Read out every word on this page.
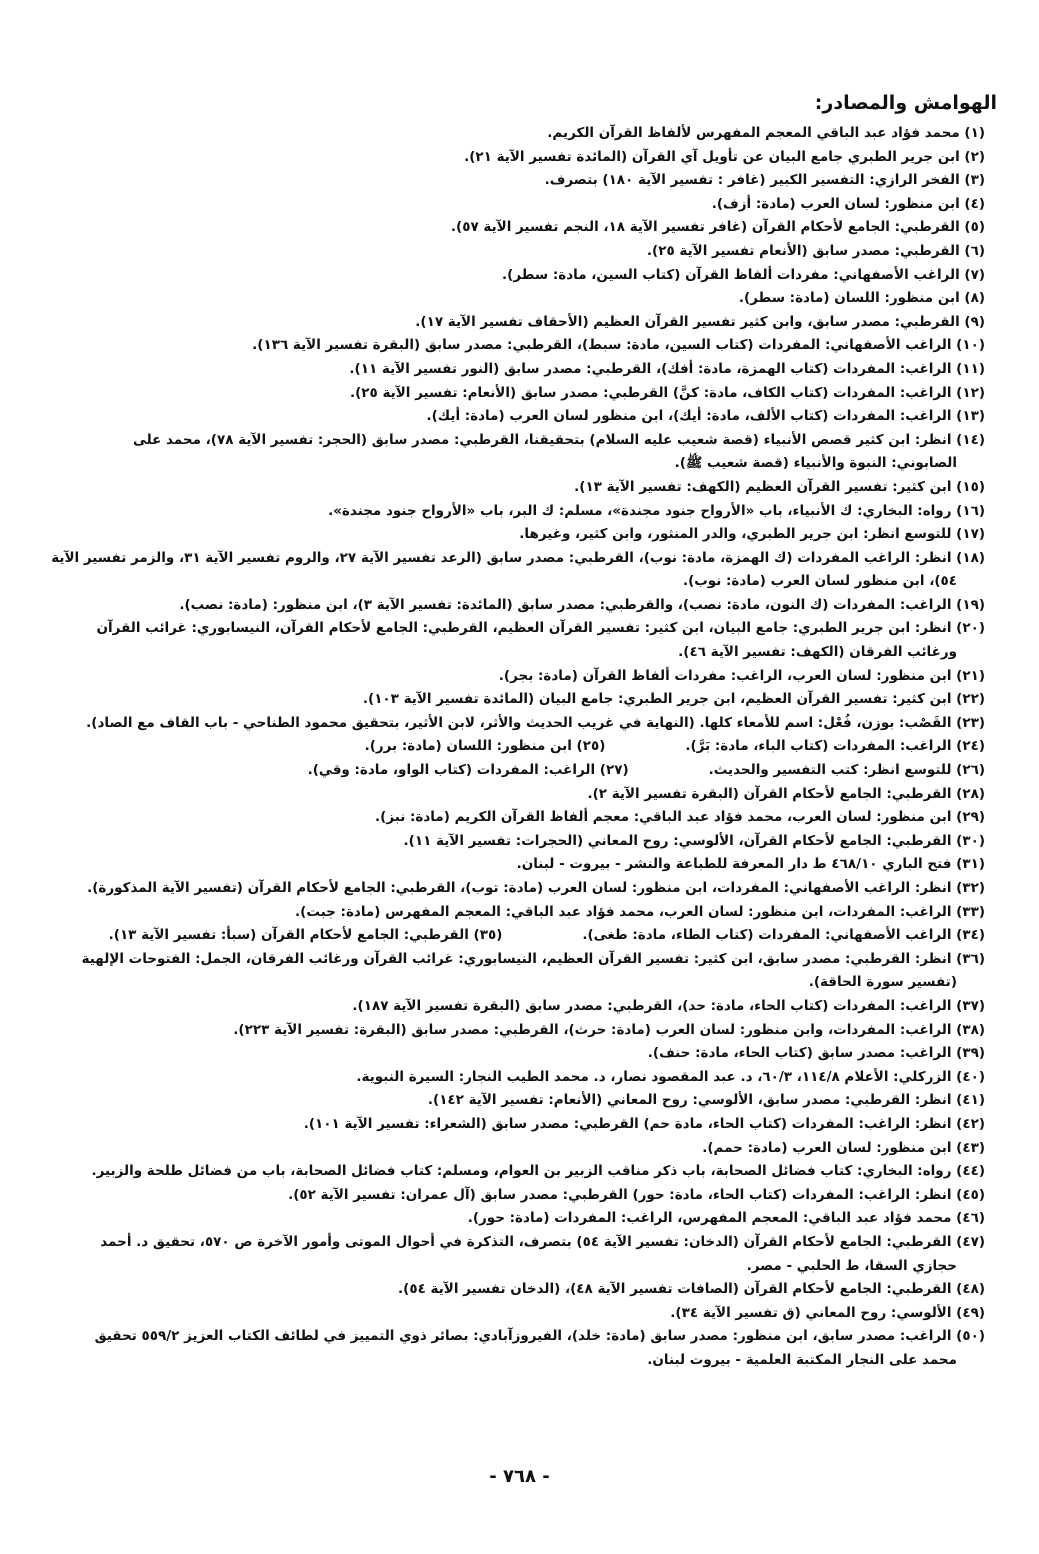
الهوامش والمصادر:
(١) محمد فؤاد عبد الباقي المعجم المفهرس لألفاظ القرآن الكريم.
(٢) ابن جرير الطبري جامع البيان عن تأويل آي القرآن (المائدة تفسير الآية ٢١).
(٣) الفخر الرازي: التفسير الكبير (غافر : تفسير الآية ١٨٠) بتصرف.
(٤) ابن منظور: لسان العرب (مادة: أزف).
(٥) القرطبي: الجامع لأحكام القرآن (غافر تفسير الآية ١٨، النجم تفسير الآية ٥٧).
(٦) القرطبي: مصدر سابق (الأنعام تفسير الآية ٢٥).
(٧) الراغب الأصفهاني: مفردات ألفاظ القرآن (كتاب السين، مادة: سطر).
(٨) ابن منظور: اللسان (مادة: سطر).
(٩) القرطبي: مصدر سابق، وابن كثير تفسير القرآن العظيم (الأحقاف تفسير الآية ١٧).
(١٠) الراغب الأصفهاني: المفردات (كتاب السين، مادة: سبط)، القرطبي: مصدر سابق (البقرة تفسير الآية ١٣٦).
(١١) الراغب: المفردات (كتاب الهمزة، مادة: أفك)، القرطبي: مصدر سابق (النور تفسير الآية ١١).
(١٢) الراغب: المفردات (كتاب الكاف، مادة: كنَّ) القرطبي: مصدر سابق (الأنعام: تفسير الآية ٢٥).
(١٣) الراغب: المفردات (كتاب الألف، مادة: أيك)، ابن منظور لسان العرب (مادة: أيك).
(١٤) انظر: ابن كثير قصص الأنبياء (قصة شعيب عليه السلام) بتحقيقنا، القرطبي: مصدر سابق (الحجر: تفسير الآية ٧٨)، محمد على
الصابوني: النبوة والأنبياء (قصة شعيب ﷺ).
(١٥) ابن كثير: تفسير القرآن العظيم (الكهف: تفسير الآية ١٣).
(١٦) رواه: البخاري: ك الأنبياء، باب «الأرواح جنود مجندة»، مسلم: ك البر، باب «الأرواح جنود مجندة».
(١٧) للتوسع انظر: ابن جرير الطبري، والدر المنثور، وابن كثير، وغيرها.
(١٨) انظر: الراغب المفردات (ك الهمزة، مادة: نوب)، القرطبي: مصدر سابق (الرعد تفسير الآية ٢٧، والروم تفسير الآية ٣١، والزمر تفسير الآية
٥٤)، ابن منظور لسان العرب (مادة: نوب).
(١٩) الراغب: المفردات (ك النون، مادة: نصب)، والقرطبي: مصدر سابق (المائدة: تفسير الآية ٣)، ابن منظور: (مادة: نصب).
(٢٠) انظر: ابن جرير الطبري: جامع البيان، ابن كثير: تفسير القرآن العظيم، القرطبي: الجامع لأحكام القرآن، النيسابوري: غرائب القرآن
ورغائب الفرقان (الكهف: تفسير الآية ٤٦).
(٢١) ابن منظور: لسان العرب، الراغب: مفردات ألفاظ القرآن (مادة: بجر).
(٢٢) ابن كثير: تفسير القرآن العظيم، ابن جرير الطبري: جامع البيان (المائدة تفسير الآية ١٠٣).
(٢٣) القَصْب: بوزن، فُعْل: اسم للأمعاء كلها. (النهاية في غريب الحديث والأثر، لابن الأثير، بتحقيق محمود الطناحي - باب القاف مع الصاد).
(٢٤) الراغب: المفردات (كتاب الباء، مادة: بَرَّ).
(٢٥) ابن منظور: اللسان (مادة: برر).
(٢٦) للتوسع انظر: كتب التفسير والحديث.
(٢٧) الراغب: المفردات (كتاب الواو، مادة: وقي).
(٢٨) القرطبي: الجامع لأحكام القرآن (البقرة تفسير الآية ٢).
(٢٩) ابن منظور: لسان العرب، محمد فؤاد عبد الباقي: معجم ألفاظ القرآن الكريم (مادة: نبز).
(٣٠) القرطبي: الجامع لأحكام القرآن، الألوسي: روح المعاني (الحجرات: تفسير الآية ١١).
(٣١) فتح الباري ٤٦٨/١٠ ط دار المعرفة للطباعة والنشر - بيروت - لبنان.
(٣٢) انظر: الراغب الأصفهاني: المفردات، ابن منظور: لسان العرب (مادة: توب)، القرطبي: الجامع لأحكام القرآن (تفسير الآية المذكورة).
(٣٣) الراغب: المفردات، ابن منظور: لسان العرب، محمد فؤاد عبد الباقي: المعجم المفهرس (مادة: جبت).
(٣٤) الراغب الأصفهاني: المفردات (كتاب الطاء، مادة: طغى).
(٣٥) القرطبي: الجامع لأحكام القرآن (سبأ: تفسير الآية ١٣).
(٣٦) انظر: القرطبي: مصدر سابق، ابن كثير: تفسير القرآن العظيم، النيسابوري: غرائب القرآن ورغائب الفرقان، الجمل: الفتوحات الإلهية
(تفسير سورة الحاقة).
(٣٧) الراغب: المفردات (كتاب الحاء، مادة: حد)، القرطبي: مصدر سابق (البقرة تفسير الآية ١٨٧).
(٣٨) الراغب: المفردات، وابن منظور: لسان العرب (مادة: حرث)، القرطبي: مصدر سابق (البقرة: تفسير الآية ٢٢٣).
(٣٩) الراغب: مصدر سابق (كتاب الحاء، مادة: حنف).
(٤٠) الزركلي: الأعلام ١١٤/٨، ٦٠/٣، د. عبد المقصود نصار، د. محمد الطيب النجار: السيرة النبوية.
(٤١) انظر: القرطبي: مصدر سابق، الألوسي: روح المعاني (الأنعام: تفسير الآية ١٤٢).
(٤٢) انظر: الراغب: المفردات (كتاب الحاء، مادة حم) القرطبي: مصدر سابق (الشعراء: تفسير الآية ١٠١).
(٤٣) ابن منظور: لسان العرب (مادة: حمم).
(٤٤) رواه: البخاري: كتاب فضائل الصحابة، باب ذكر مناقب الزبير بن العوام، ومسلم: كتاب فضائل الصحابة، باب من فضائل طلحة والزبير.
(٤٥) انظر: الراغب: المفردات (كتاب الحاء، مادة: حور) القرطبي: مصدر سابق (آل عمران: تفسير الآية ٥٢).
(٤٦) محمد فؤاد عبد الباقي: المعجم المفهرس، الراغب: المفردات (مادة: حور).
(٤٧) القرطبي: الجامع لأحكام القرآن (الدخان: تفسير الآية ٥٤) بتصرف، التذكرة في أحوال الموتى وأمور الآخرة ص ٥٧٠، تحقيق د. أحمد
حجازي السقا، ط الحلبي - مصر.
(٤٨) القرطبي: الجامع لأحكام القرآن (الصافات تفسير الآية ٤٨)، (الدخان تفسير الآية ٥٤).
(٤٩) الألوسي: روح المعاني (ق تفسير الآية ٣٤).
(٥٠) الراغب: مصدر سابق، ابن منظور: مصدر سابق (مادة: خلد)، الفيروزآبادي: بصائر ذوي التمييز في لطائف الكتاب العزيز ٥٥٩/٢ تحقيق
محمد على النجار المكتبة العلمية - بيروت لبنان.
- ٧٦٨ -
